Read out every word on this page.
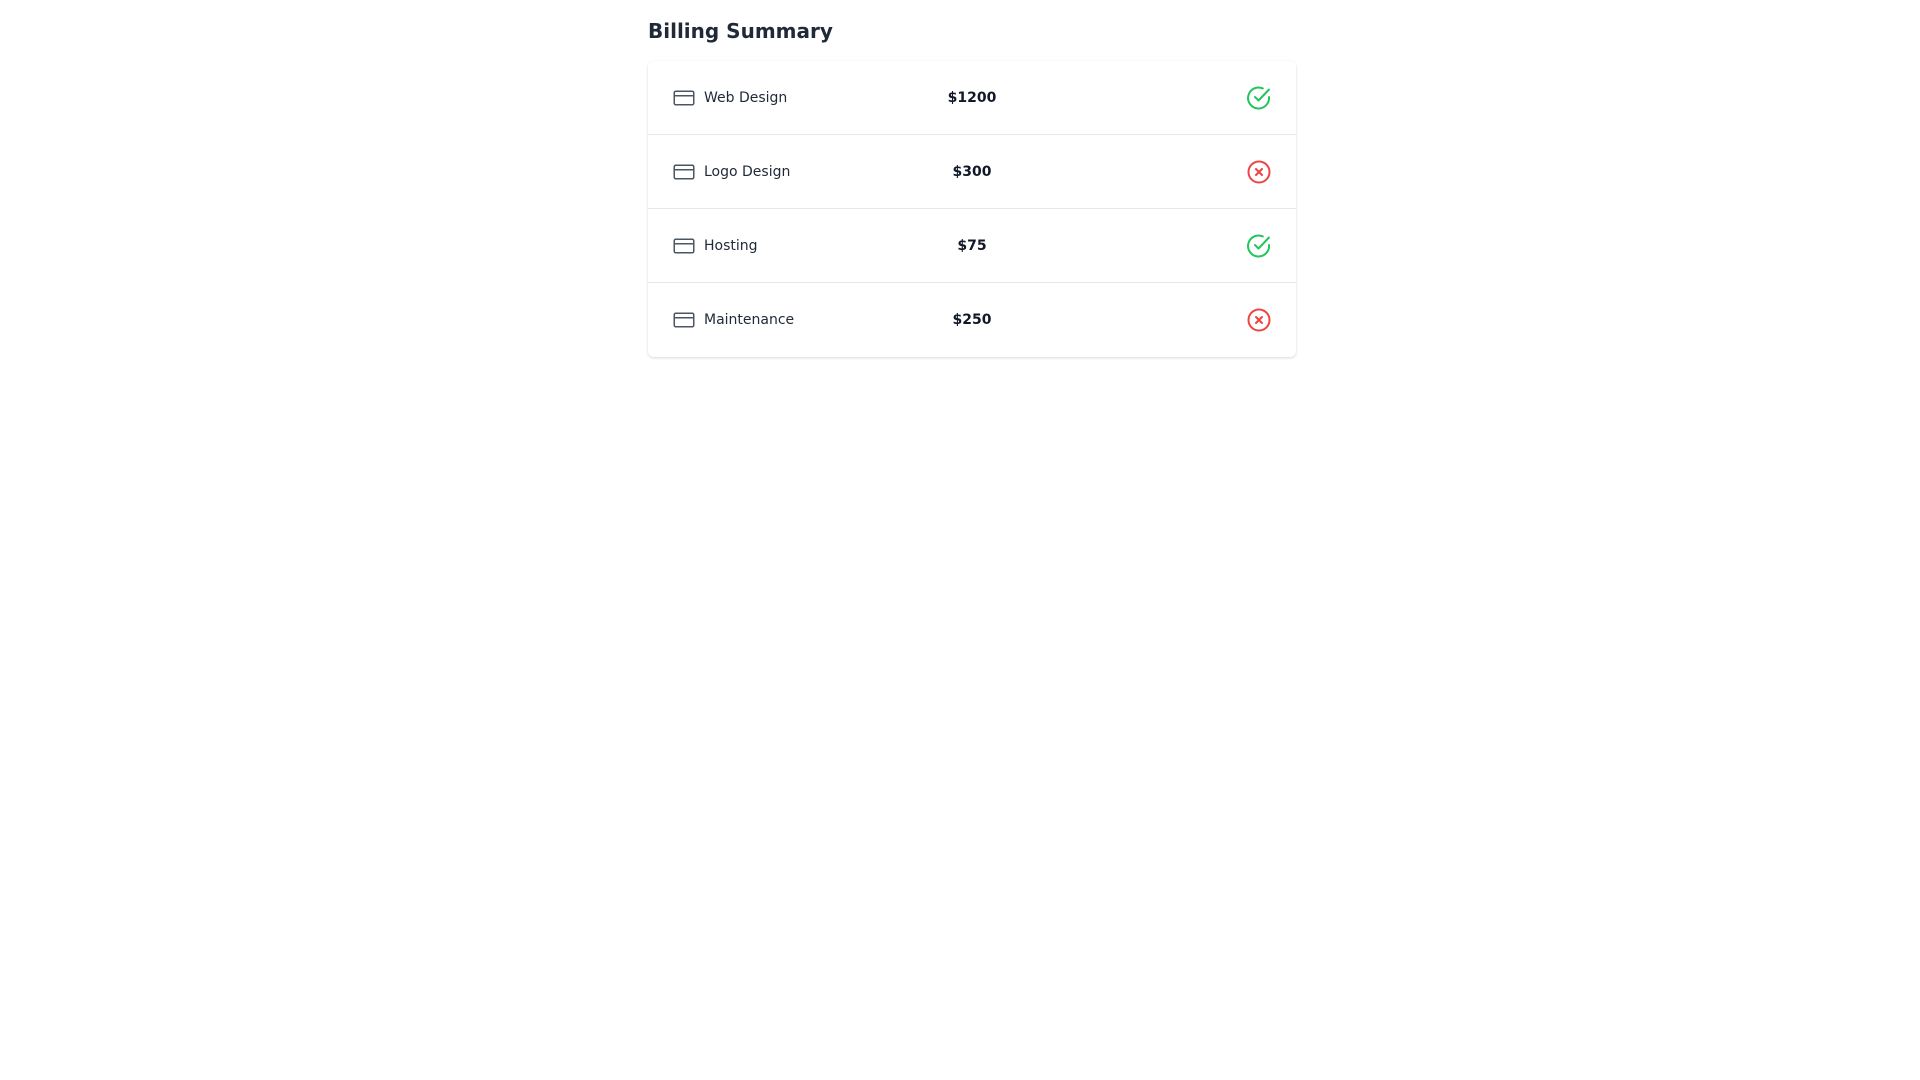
Billing Summary
Web Design	$1200
Logo Design	$300
Hosting	$75
Maintenance	$250
